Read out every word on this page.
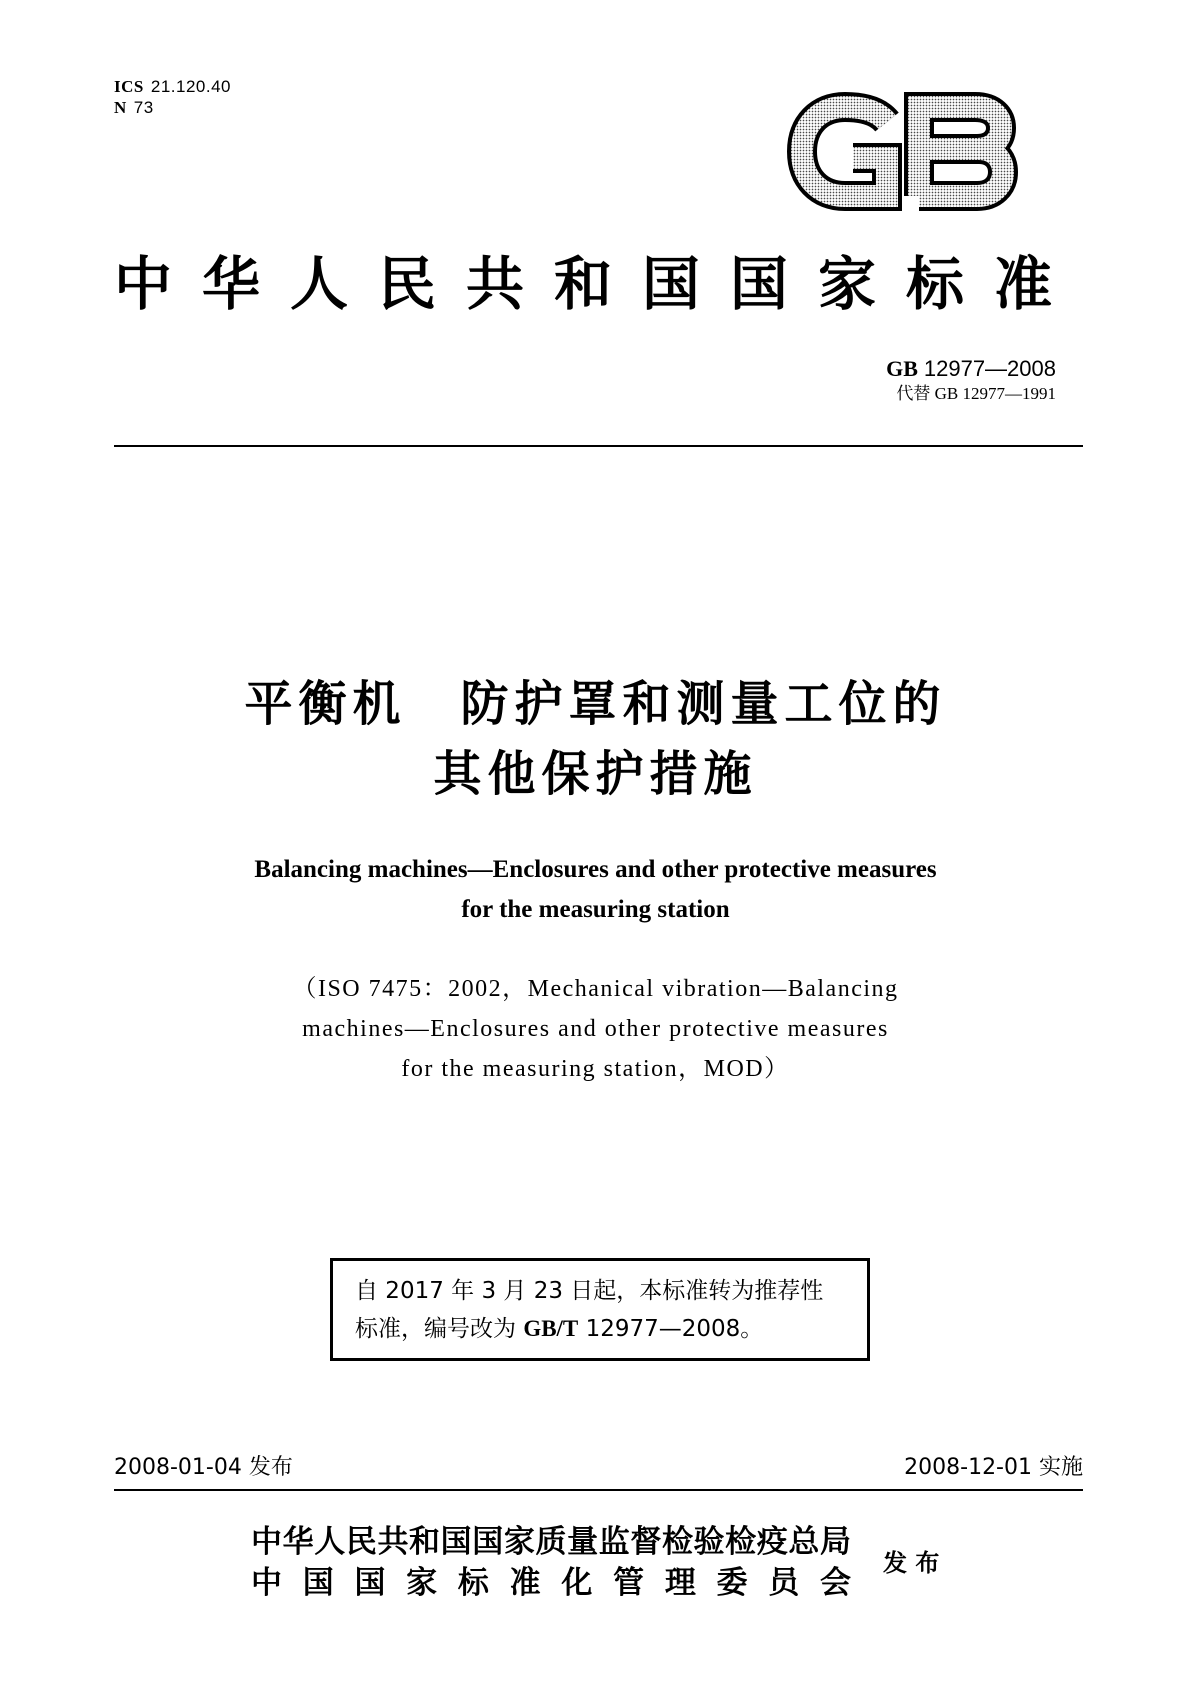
ICS 21.120.40
N 73
中华人民共和国国家标准
GB 12977—2008
代替 GB 12977—1991
平衡机　防护罩和测量工位的
其他保护措施
Balancing machines—Enclosures and other protective measures
for the measuring station
（ISO 7475：2002，Mechanical vibration—Balancing
machines—Enclosures and other protective measures
for the measuring station，MOD）
自 2017 年 3 月 23 日起，本标准转为推荐性
标准，编号改为 GB/T 12977—2008。
2008-01-04 发布	2008-12-01 实施
中华人民共和国国家质量监督检验检疫总局
中 国 国 家 标 准 化 管 理 委 员 会
发 布
